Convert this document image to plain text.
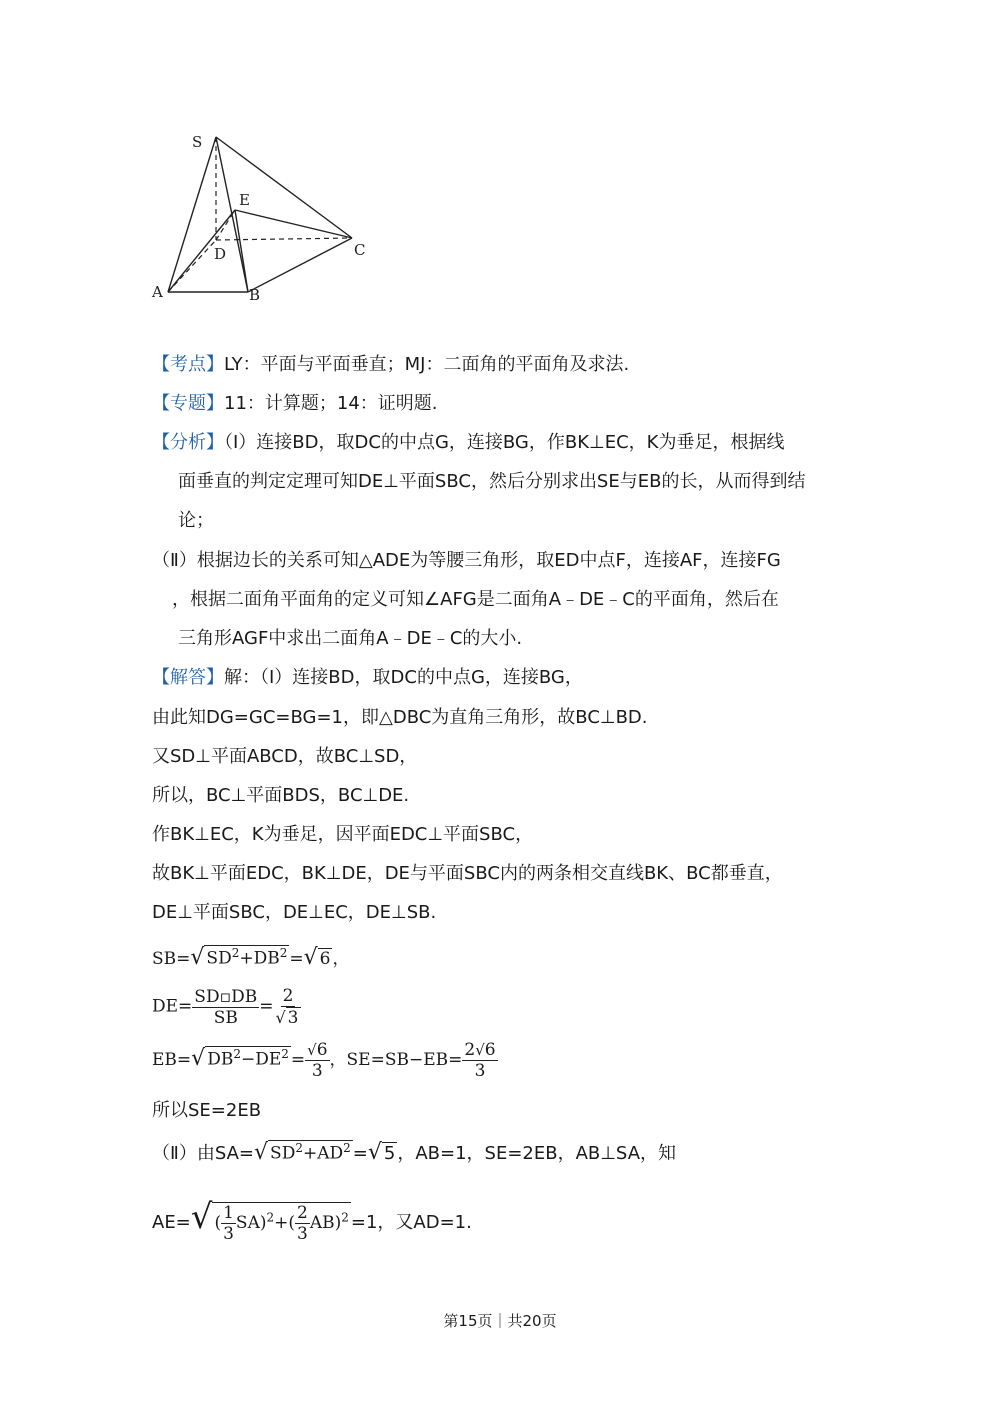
S
E
D	C
A	B
【考点】LY：平面与平面垂直；MJ：二面角的平面角及求法.
【专题】11：计算题；14：证明题.
【分析】（Ⅰ）连接BD，取DC的中点G，连接BG，作BK⊥EC，K为垂足，根据线
面垂直的判定定理可知DE⊥平面SBC，然后分别求出SE与EB的长，从而得到结
论；
（Ⅱ）根据边长的关系可知△ADE为等腰三角形，取ED中点F，连接AF，连接FG
，根据二面角平面角的定义可知∠AFG是二面角A﹣DE﹣C的平面角，然后在
三角形AGF中求出二面角A﹣DE﹣C的大小.
【解答】解：（Ⅰ）连接BD，取DC的中点G，连接BG，
由此知DG=GC=BG=1，即△DBC为直角三角形，故BC⊥BD.
又SD⊥平面ABCD，故BC⊥SD，
所以，BC⊥平面BDS，BC⊥DE.
作BK⊥EC，K为垂足，因平面EDC⊥平面SBC，
故BK⊥平面EDC，BK⊥DE，DE与平面SBC内的两条相交直线BK、BC都垂直，
DE⊥平面SBC，DE⊥EC，DE⊥SB.
SB=√ $SD^2+DB^2$ =√ 6 ，
$DE= \frac{SD▫DB}{SB} = \frac{2}{√ 3}$
EB=√ $DB^2-DE^2 = \frac{√6}{3}$ ，$SE=SB-EB= \frac{2√6}{3}$
所以SE=2EB
（Ⅱ）由SA=√ $SD^2+AD^2$ =√ 5 ，AB=1，SE=2EB，AB⊥SA，知
AE=√ ( $\frac{1}{3} SA)^2+( \frac{2}{3} AB)^2 =1$，又AD=1.
第15页｜共20页
